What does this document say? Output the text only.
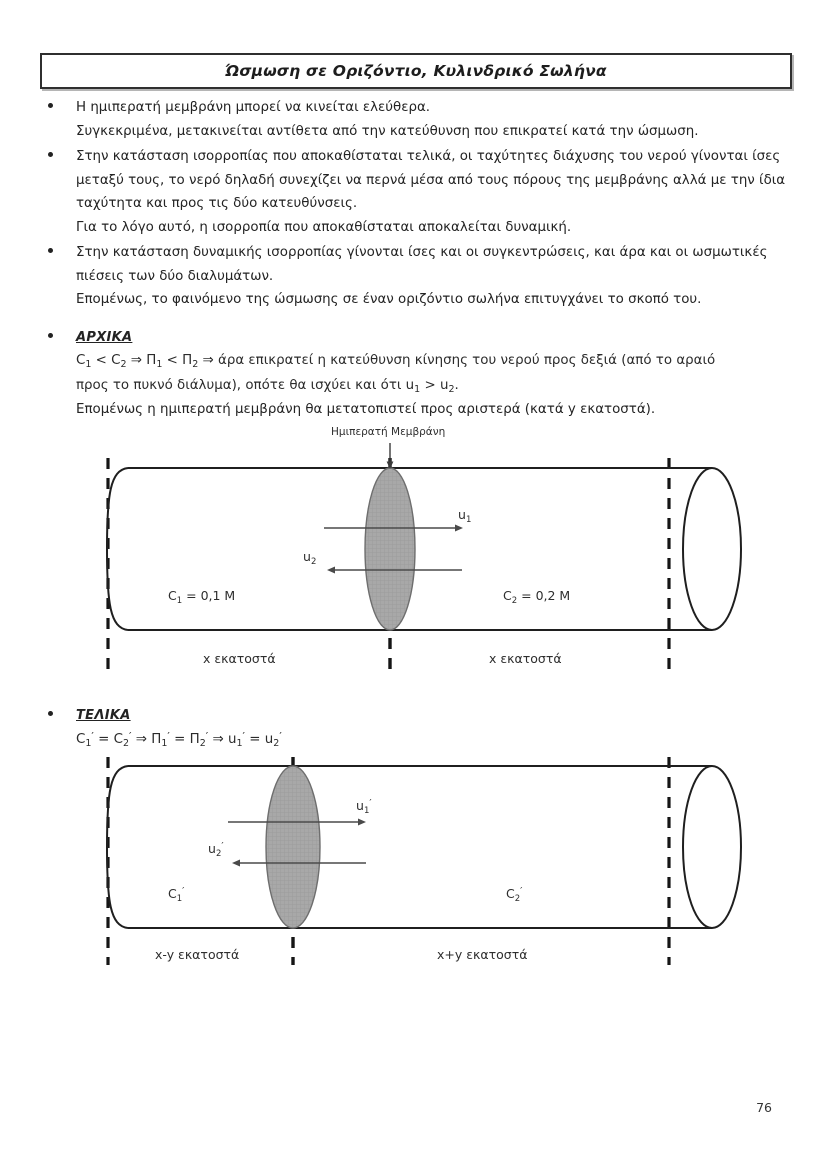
Ώσμωση σε Οριζόντιο, Κυλινδρικό Σωλήνα
Η ημιπερατή μεμβράνη μπορεί να κινείται ελεύθερα.
Συγκεκριμένα, μετακινείται αντίθετα από την κατεύθυνση που επικρατεί κατά την ώσμωση.
Στην κατάσταση ισορροπίας που αποκαθίσταται τελικά, οι ταχύτητες διάχυσης του νερού γίνονται ίσες μεταξύ τους, το νερό δηλαδή συνεχίζει να περνά μέσα από τους πόρους της μεμβράνης αλλά με την ίδια ταχύτητα και προς τις δύο κατευθύνσεις.
Για το λόγο αυτό, η ισορροπία που αποκαθίσταται αποκαλείται δυναμική.
Στην κατάσταση δυναμικής ισορροπίας γίνονται ίσες και οι συγκεντρώσεις, και άρα και οι ωσμωτικές πιέσεις των δύο διαλυμάτων.
Επομένως, το φαινόμενο της ώσμωσης σε έναν οριζόντιο σωλήνα επιτυγχάνει το σκοπό του.
ΑΡΧΙΚΑ
$C_1 < C_2$ ⇒ $\Pi_1 < \Pi_2$ ⇒ άρα επικρατεί η κατεύθυνση κίνησης του νερού προς δεξιά (από το αραιό
προς το πυκνό διάλυμα), οπότε θα ισχύει και ότι $u_1 > u_2$.
Επομένως η ημιπερατή μεμβράνη θα μετατοπιστεί προς αριστερά (κατά y εκατοστά).
Ημιπερατή Μεμβράνη
$u_1$
$u_2$
$C_1 = 0,1$ M	$C_2 = 0,2$ M
x εκατοστά	x εκατοστά
ΤΕΛΙΚΑ
$C_1' = C_2'$ ⇒ $\Pi_1' = \Pi_2'$ ⇒ $u_1' = u_2'$
$u_1'$
$u_2'$
$C_1'$	$C_2'$
x-y εκατοστά	x+y εκατοστά
76
